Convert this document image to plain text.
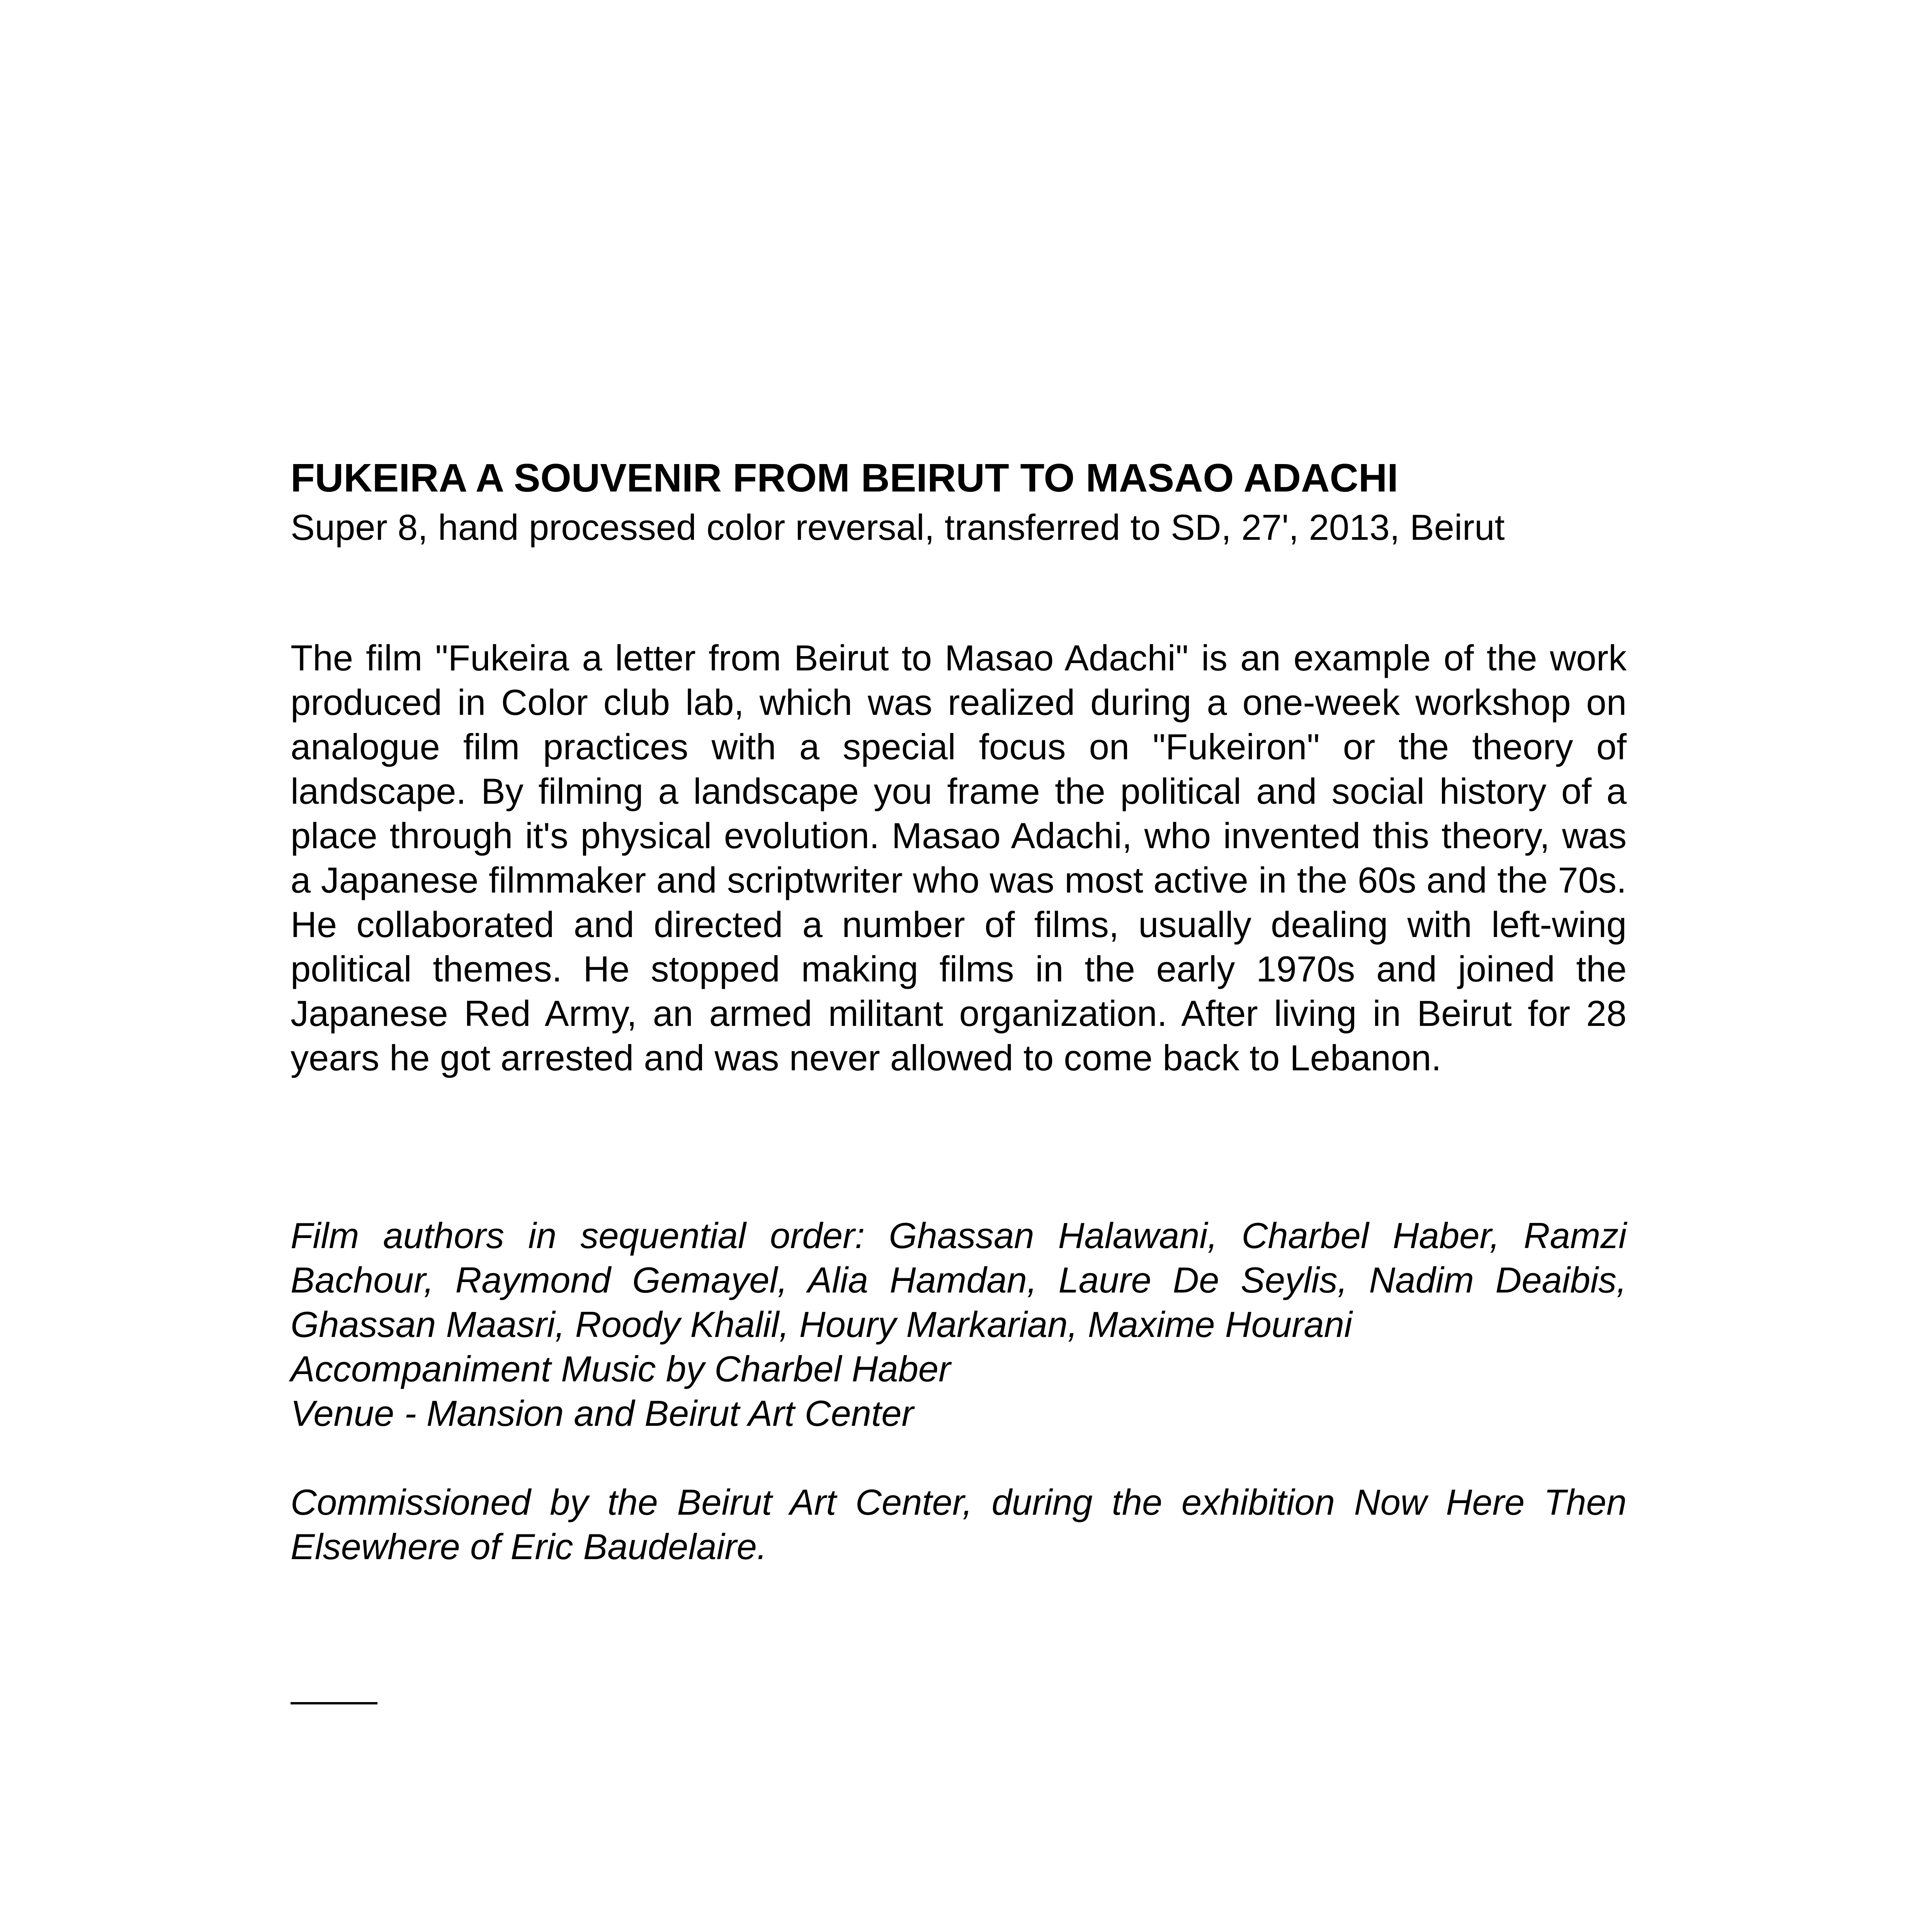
FUKEIRA A SOUVENIR FROM BEIRUT TO MASAO ADACHI

Super 8, hand processed color reversal, transferred to SD, 27', 2013, Beirut

The film "Fukeira a letter from Beirut to Masao Adachi" is an example of the work produced in Color club lab, which was realized during a one-week workshop on analogue film practices with a special focus on "Fukeiron" or the theory of landscape. By filming a landscape you frame the political and social history of a place through it's physical evolution. Masao Adachi, who invented this theory, was a Japanese filmmaker and scriptwriter who was most active in the 60s and the 70s. He collaborated and directed a number of films, usually dealing with left-wing political themes. He stopped making films in the early 1970s and joined the Japanese Red Army, an armed militant organization. After living in Beirut for 28 years he got arrested and was never allowed to come back to Lebanon.

Film authors in sequential order: Ghassan Halawani, Charbel Haber, Ramzi
Bachour, Raymond Gemayel, Alia Hamdan, Laure De Seylis, Nadim Deaibis,
Ghassan Maasri, Roody Khalil, Houry Markarian, Maxime Hourani
Accompaniment Music by Charbel Haber
Venue - Mansion and Beirut Art Center

Commissioned by the Beirut Art Center, during the exhibition Now Here Then
Elsewhere of Eric Baudelaire.
